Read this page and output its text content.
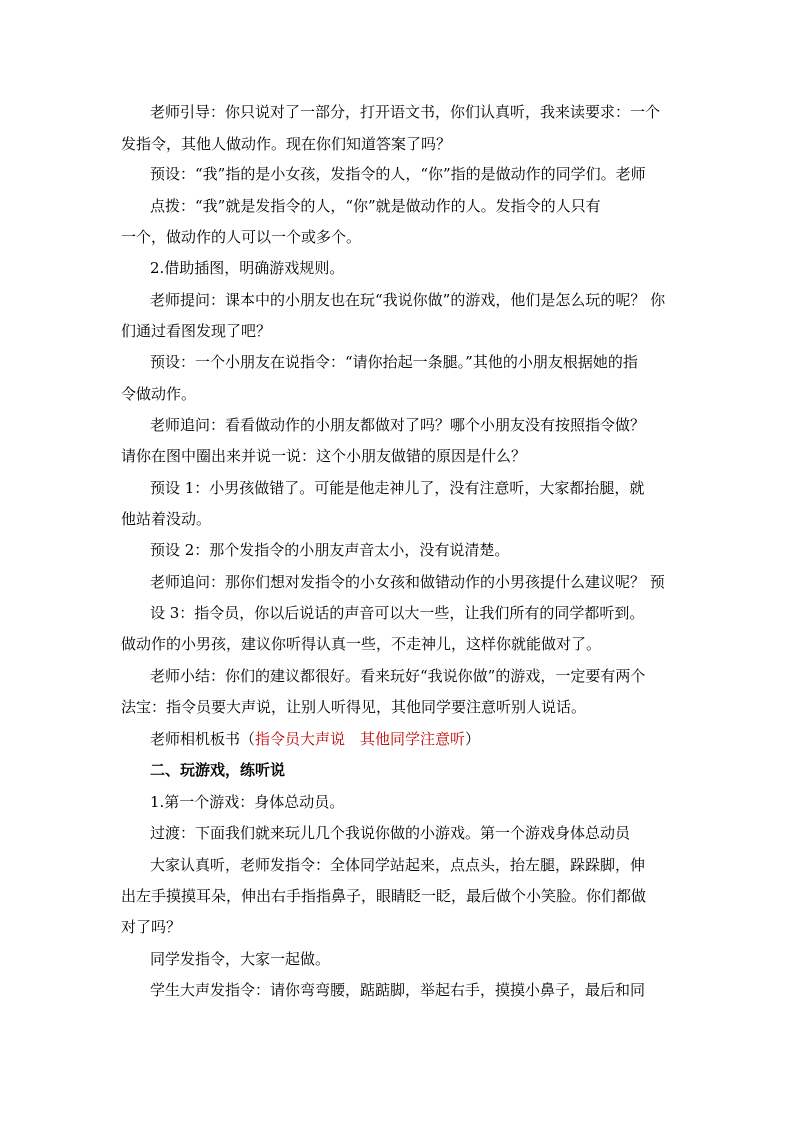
老师引导：你只说对了一部分，打开语文书，你们认真听，我来读要求：一个
发指令，其他人做动作。现在你们知道答案了吗？
预设：“我”指的是小女孩，发指令的人，“你”指的是做动作的同学们。老师
点拨：“我”就是发指令的人，“你”就是做动作的人。发指令的人只有
一个，做动作的人可以一个或多个。
2.借助插图，明确游戏规则。
老师提问：课本中的小朋友也在玩“我说你做”的游戏，他们是怎么玩的呢？ 你
们通过看图发现了吧？
预设：一个小朋友在说指令：“请你抬起一条腿。”其他的小朋友根据她的指
令做动作。
老师追问：看看做动作的小朋友都做对了吗？哪个小朋友没有按照指令做？
请你在图中圈出来并说一说：这个小朋友做错的原因是什么？
预设 1：小男孩做错了。可能是他走神儿了，没有注意听，大家都抬腿，就
他站着没动。
预设 2：那个发指令的小朋友声音太小，没有说清楚。
老师追问：那你们想对发指令的小女孩和做错动作的小男孩提什么建议呢？ 预
设 3：指令员，你以后说话的声音可以大一些，让我们所有的同学都听到。
做动作的小男孩，建议你听得认真一些，不走神儿，这样你就能做对了。
老师小结：你们的建议都很好。看来玩好“我说你做”的游戏，一定要有两个
法宝：指令员要大声说，让别人听得见，其他同学要注意听别人说话。
老师相机板书（指令员大声说　其他同学注意听）
二、玩游戏，练听说
1.第一个游戏：身体总动员。
过渡：下面我们就来玩儿几个我说你做的小游戏。第一个游戏身体总动员
大家认真听，老师发指令：全体同学站起来，点点头，抬左腿，跺跺脚，伸
出左手摸摸耳朵，伸出右手指指鼻子，眼睛眨一眨，最后做个小笑脸。你们都做
对了吗？
同学发指令，大家一起做。
学生大声发指令：请你弯弯腰，踮踮脚，举起右手，摸摸小鼻子，最后和同
